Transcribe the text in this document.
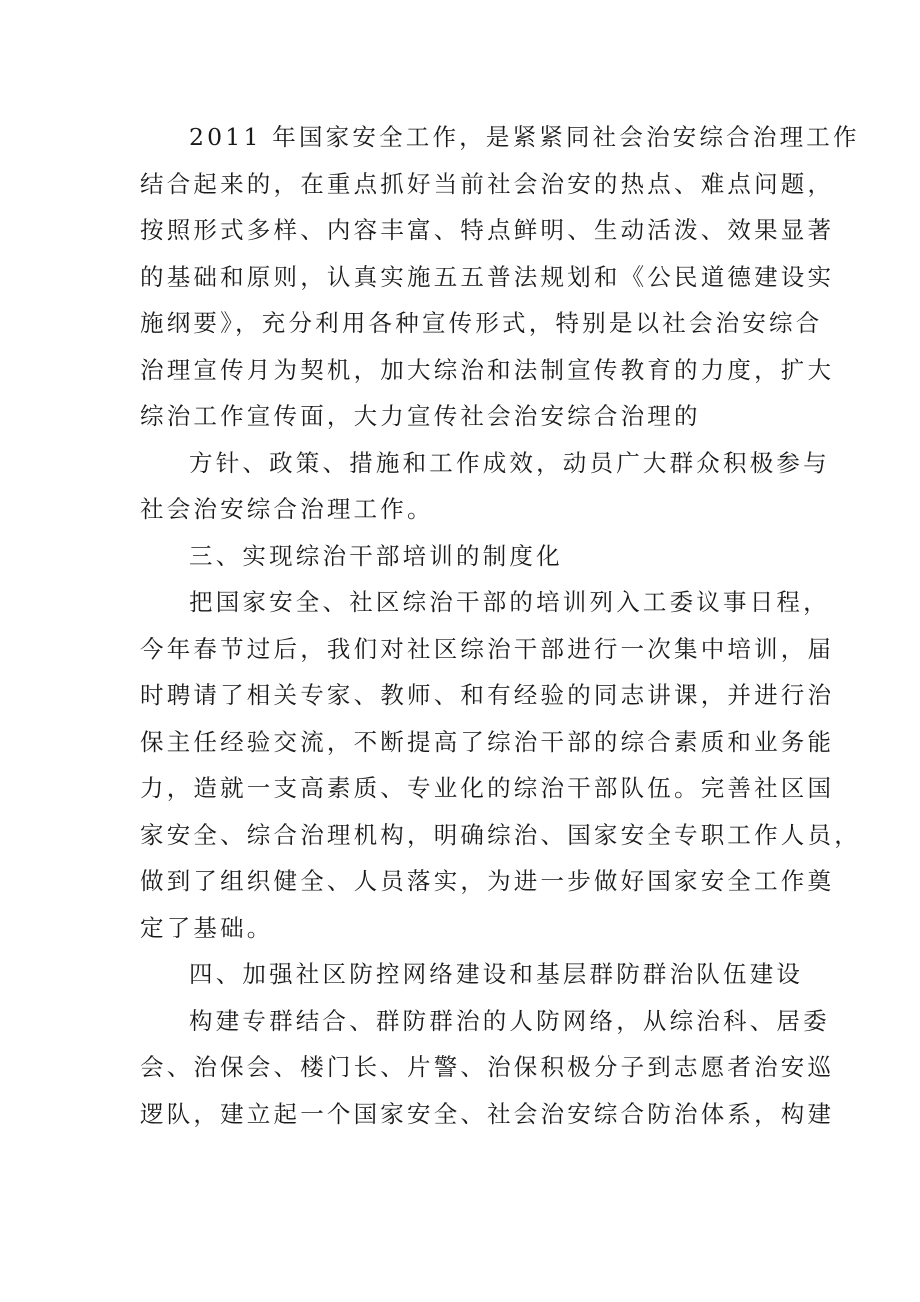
2011 年国家安全工作，是紧紧同社会治安综合治理工作
结合起来的，在重点抓好当前社会治安的热点、难点问题，
按照形式多样、内容丰富、特点鲜明、生动活泼、效果显著
的基础和原则，认真实施五五普法规划和《公民道德建设实
施纲要》，充分利用各种宣传形式，特别是以社会治安综合
治理宣传月为契机，加大综治和法制宣传教育的力度，扩大
综治工作宣传面，大力宣传社会治安综合治理的
方针、政策、措施和工作成效，动员广大群众积极参与
社会治安综合治理工作。
三、实现综治干部培训的制度化
把国家安全、社区综治干部的培训列入工委议事日程，
今年春节过后，我们对社区综治干部进行一次集中培训，届
时聘请了相关专家、教师、和有经验的同志讲课，并进行治
保主任经验交流，不断提高了综治干部的综合素质和业务能
力，造就一支高素质、专业化的综治干部队伍。完善社区国
家安全、综合治理机构，明确综治、国家安全专职工作人员，
做到了组织健全、人员落实，为进一步做好国家安全工作奠
定了基础。
四、加强社区防控网络建设和基层群防群治队伍建设
构建专群结合、群防群治的人防网络，从综治科、居委
会、治保会、楼门长、片警、治保积极分子到志愿者治安巡
逻队，建立起一个国家安全、社会治安综合防治体系，构建
